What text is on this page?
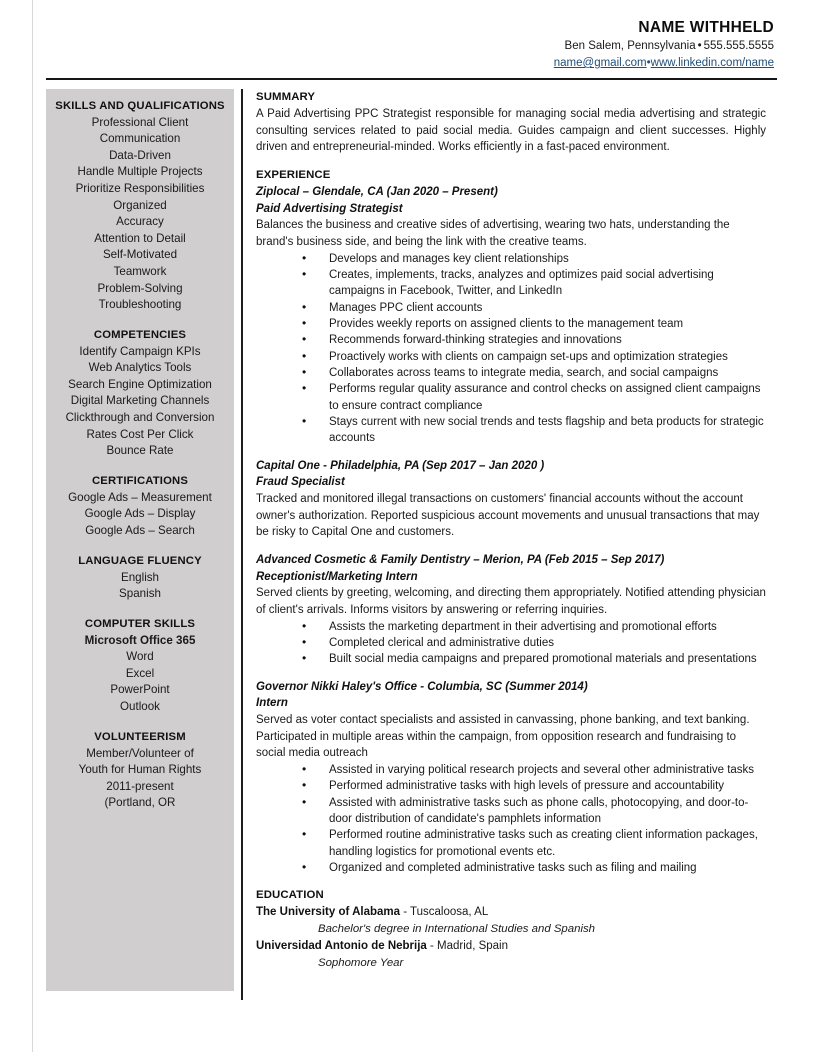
NAME WITHHELD
Ben Salem, Pennsylvania • 555.555.5555
name@gmail.com•www.linkedin.com/name
SKILLS AND QUALIFICATIONS
Professional Client
Communication
Data-Driven
Handle Multiple Projects
Prioritize Responsibilities
Organized
Accuracy
Attention to Detail
Self-Motivated
Teamwork
Problem-Solving
Troubleshooting
COMPETENCIES
Identify Campaign KPIs
Web Analytics Tools
Search Engine Optimization
Digital Marketing Channels
Clickthrough and Conversion
Rates Cost Per Click
Bounce Rate
CERTIFICATIONS
Google Ads – Measurement
Google Ads – Display
Google Ads – Search
LANGUAGE FLUENCY
English
Spanish
COMPUTER SKILLS
Microsoft Office 365
Word
Excel
PowerPoint
Outlook
VOLUNTEERISM
Member/Volunteer of
Youth for Human Rights
2011-present
(Portland, OR
SUMMARY

A Paid Advertising PPC Strategist responsible for managing social media advertising and strategic consulting services related to paid social media. Guides campaign and client successes. Highly driven and entrepreneurial-minded. Works efficiently in a fast-paced environment.

EXPERIENCE
Ziplocal – Glendale, CA (Jan 2020 – Present)
Paid Advertising Strategist

Balances the business and creative sides of advertising, wearing two hats, understanding the brand's business side, and being the link with the creative teams.

• Develops and manages key client relationships
• Creates, implements, tracks, analyzes and optimizes paid social advertising campaigns in Facebook, Twitter, and LinkedIn
• Manages PPC client accounts
• Provides weekly reports on assigned clients to the management team
• Recommends forward-thinking strategies and innovations
• Proactively works with clients on campaign set-ups and optimization strategies
• Collaborates across teams to integrate media, search, and social campaigns
• Performs regular quality assurance and control checks on assigned client campaigns to ensure contract compliance
• Stays current with new social trends and tests flagship and beta products for strategic accounts
Capital One - Philadelphia, PA (Sep 2017 – Jan 2020 )
Fraud Specialist

Tracked and monitored illegal transactions on customers' financial accounts without the account owner's authorization. Reported suspicious account movements and unusual transactions that may be risky to Capital One and customers.

Advanced Cosmetic & Family Dentistry – Merion, PA (Feb 2015 – Sep 2017)
Receptionist/Marketing Intern

Served clients by greeting, welcoming, and directing them appropriately. Notified attending physician of client's arrivals. Informs visitors by answering or referring inquiries.

• Assists the marketing department in their advertising and promotional efforts
• Completed clerical and administrative duties
• Built social media campaigns and prepared promotional materials and presentations
Governor Nikki Haley's Office - Columbia, SC (Summer 2014)
Intern

Served as voter contact specialists and assisted in canvassing, phone banking, and text banking. Participated in multiple areas within the campaign, from opposition research and fundraising to social media outreach

• Assisted in varying political research projects and several other administrative tasks
• Performed administrative tasks with high levels of pressure and accountability
• Assisted with administrative tasks such as phone calls, photocopying, and door-to-door distribution of candidate's pamphlets information
• Performed routine administrative tasks such as creating client information packages, handling logistics for promotional events etc.
• Organized and completed administrative tasks such as filing and mailing
EDUCATION

The University of Alabama - Tuscaloosa, AL

Bachelor's degree in International Studies and Spanish

Universidad Antonio de Nebrija - Madrid, Spain

Sophomore Year
